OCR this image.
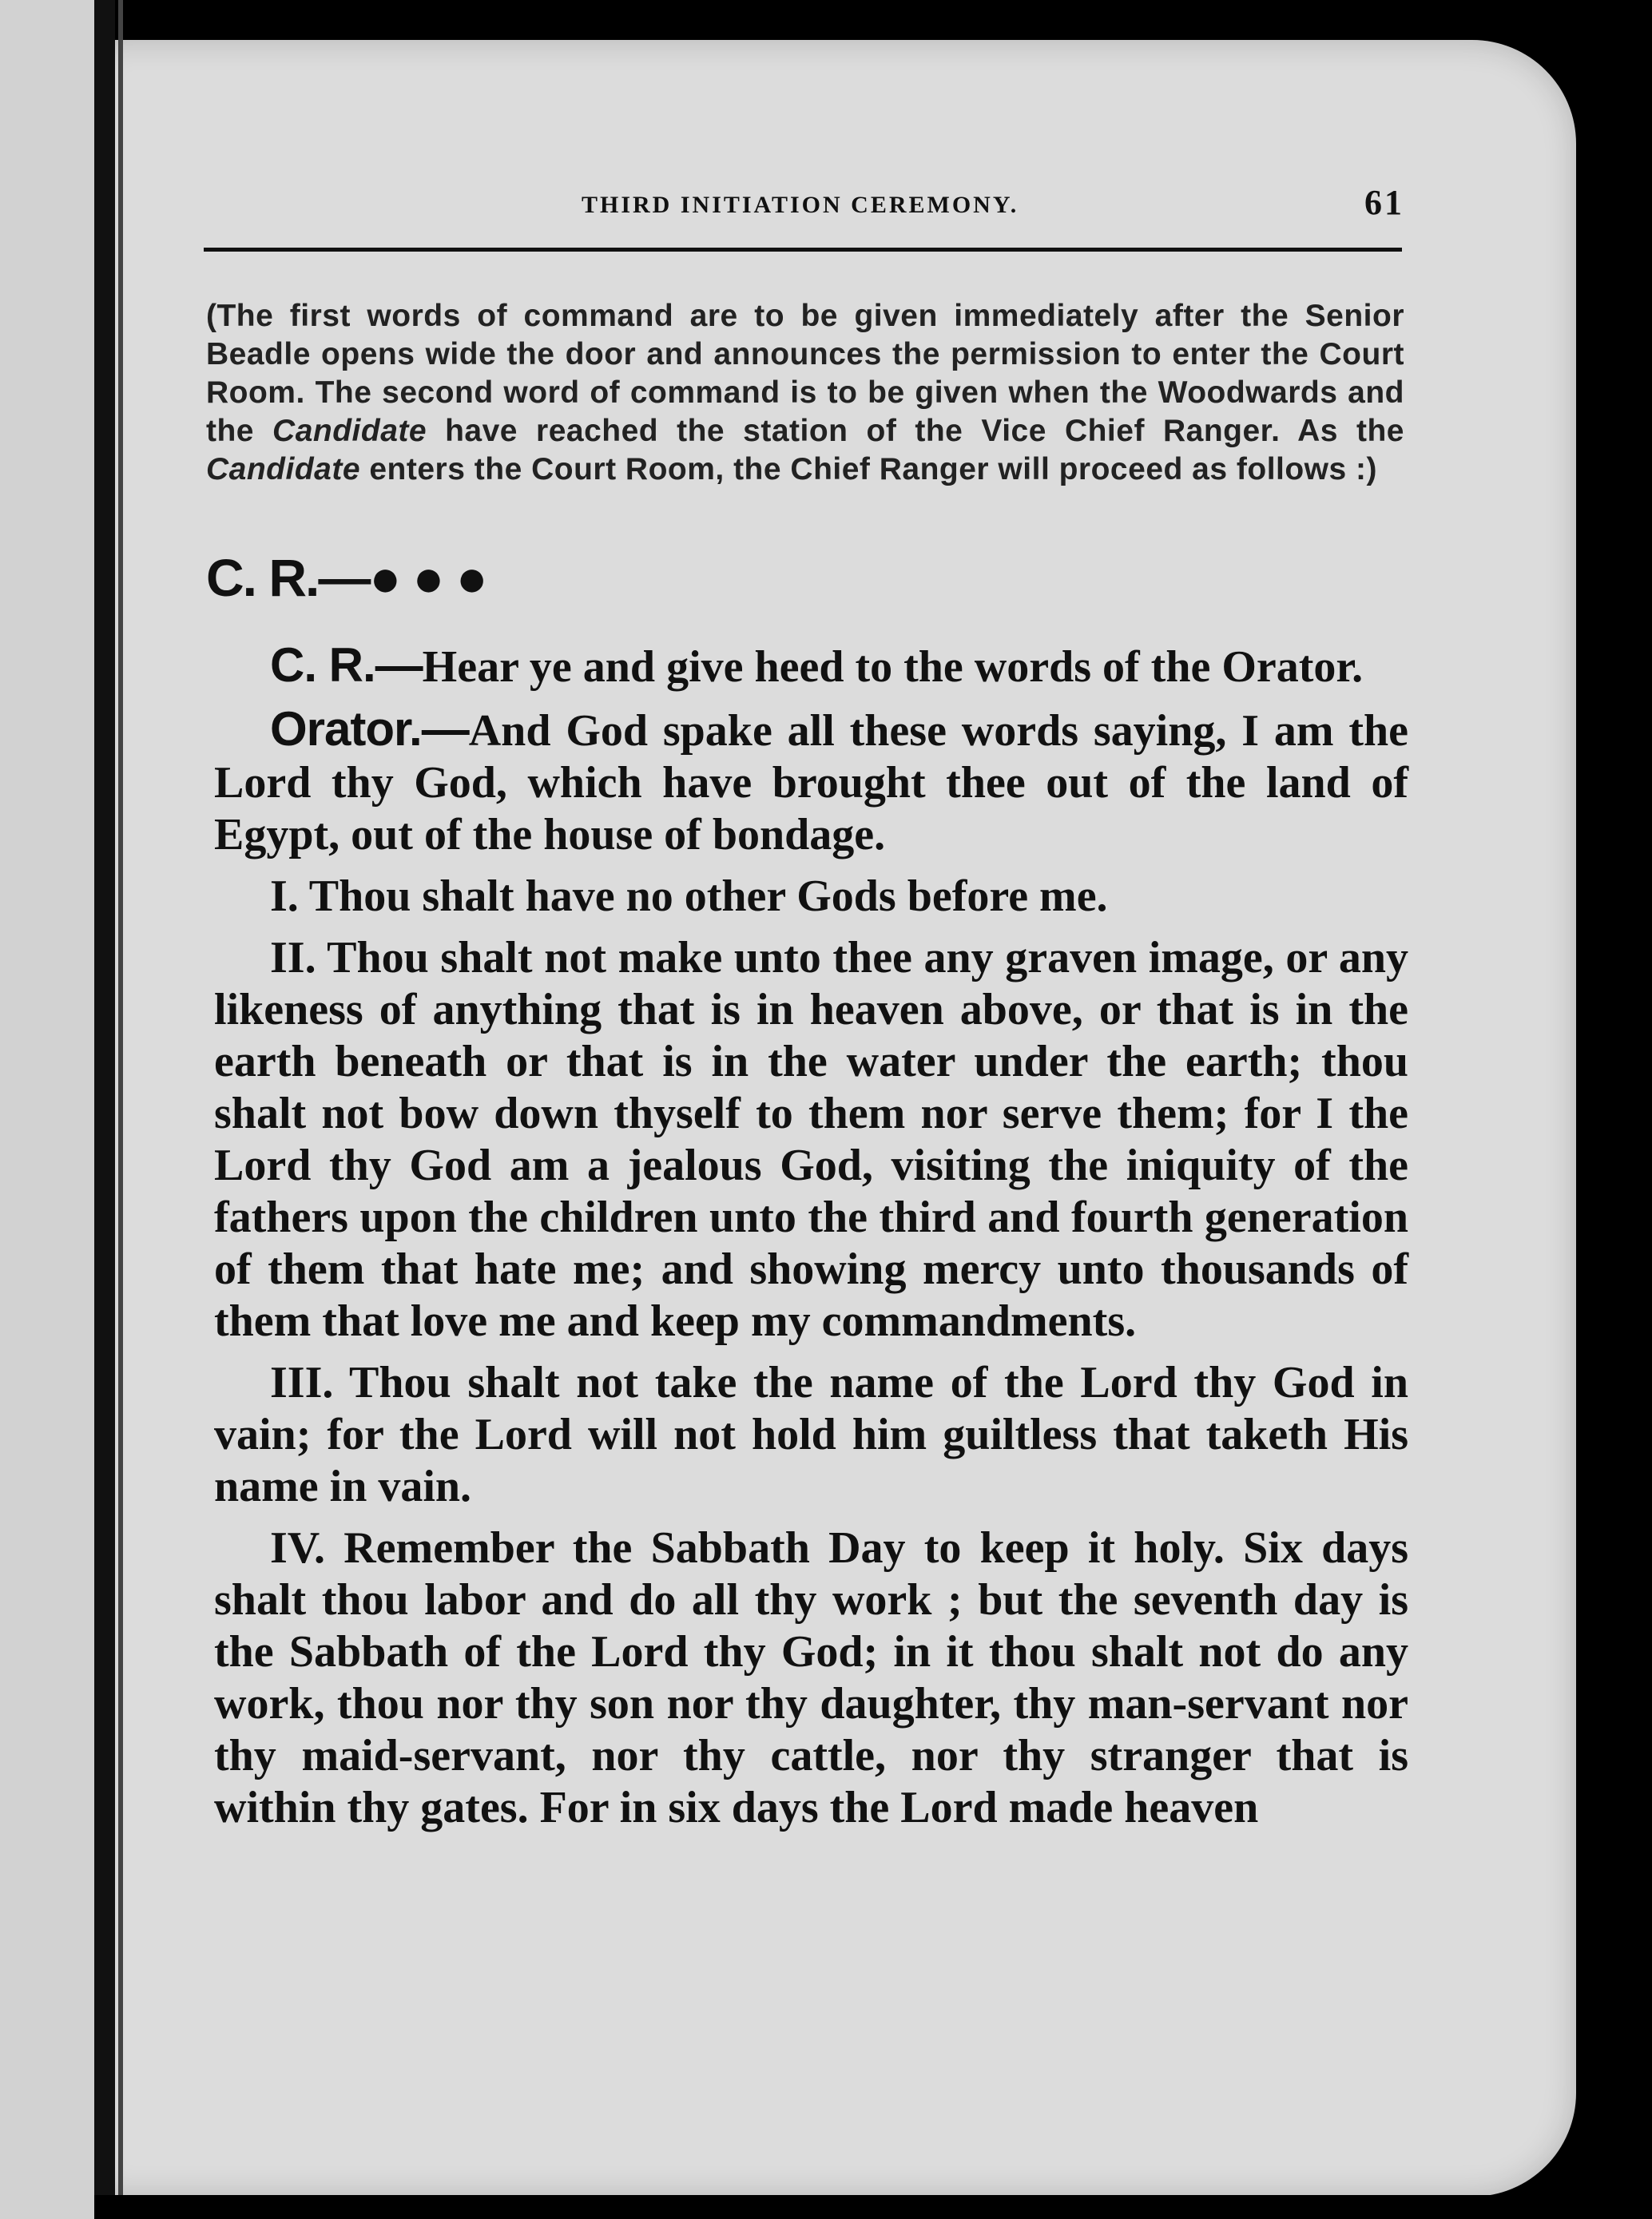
THIRD INITIATION CEREMONY.	61
(The first words of command are to be given immediately after the Senior Beadle opens wide the door and announces the permission to enter the Court Room. The second word of command is to be given when the Woodwards and the Candidate have reached the station of the Vice Chief Ranger. As the Candidate enters the Court Room, the Chief Ranger will proceed as follows :)
C. R.—● ● ●

C. R.—Hear ye and give heed to the words of the Orator.

Orator.—And God spake all these words saying, I am the Lord thy God, which have brought thee out of the land of Egypt, out of the house of bondage.

I. Thou shalt have no other Gods before me.

II. Thou shalt not make unto thee any graven image, or any likeness of anything that is in heaven above, or that is in the earth beneath or that is in the water under the earth; thou shalt not bow down thyself to them nor serve them; for I the Lord thy God am a jealous God, visiting the iniquity of the fathers upon the children unto the third and fourth generation of them that hate me; and showing mercy unto thousands of them that love me and keep my commandments.

III. Thou shalt not take the name of the Lord thy God in vain; for the Lord will not hold him guiltless that taketh His name in vain.

IV. Remember the Sabbath Day to keep it holy. Six days shalt thou labor and do all thy work ; but the seventh day is the Sabbath of the Lord thy God; in it thou shalt not do any work, thou nor thy son nor thy daughter, thy man-servant nor thy maid-servant, nor thy cattle, nor thy stranger that is within thy gates. For in six days the Lord made heaven
